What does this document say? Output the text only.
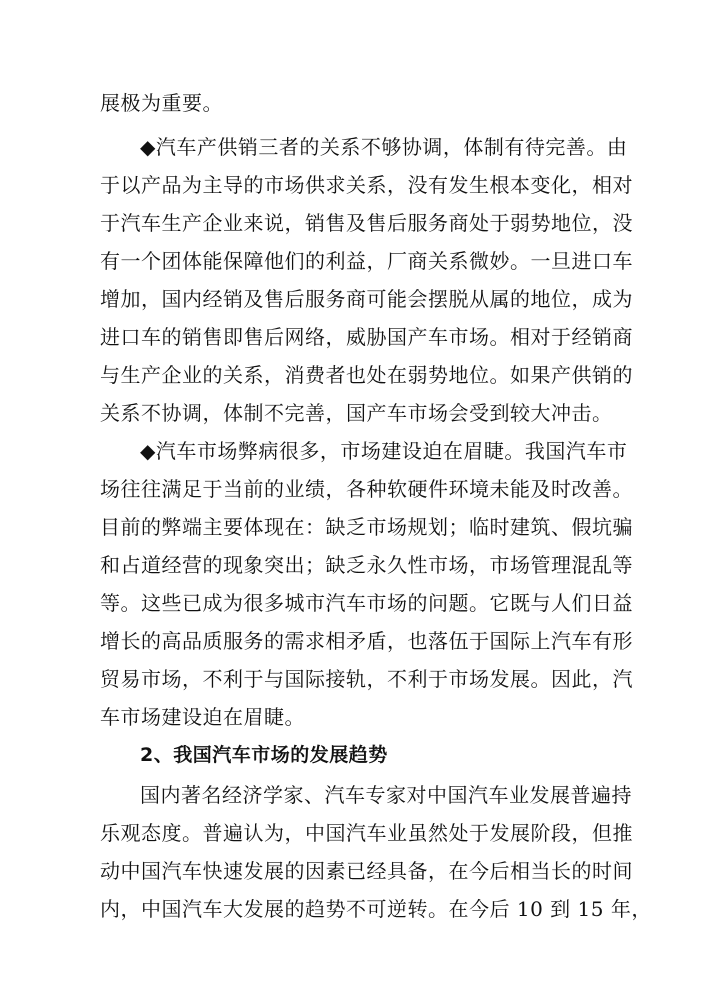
展极为重要。
◆汽车产供销三者的关系不够协调，体制有待完善。由
于以产品为主导的市场供求关系，没有发生根本变化，相对
于汽车生产企业来说，销售及售后服务商处于弱势地位，没
有一个团体能保障他们的利益，厂商关系微妙。一旦进口车
增加，国内经销及售后服务商可能会摆脱从属的地位，成为
进口车的销售即售后网络，威胁国产车市场。相对于经销商
与生产企业的关系，消费者也处在弱势地位。如果产供销的
关系不协调，体制不完善，国产车市场会受到较大冲击。
◆汽车市场弊病很多，市场建设迫在眉睫。我国汽车市
场往往满足于当前的业绩，各种软硬件环境未能及时改善。
目前的弊端主要体现在：缺乏市场规划；临时建筑、假坑骗
和占道经营的现象突出；缺乏永久性市场，市场管理混乱等
等。这些已成为很多城市汽车市场的问题。它既与人们日益
增长的高品质服务的需求相矛盾，也落伍于国际上汽车有形
贸易市场，不利于与国际接轨，不利于市场发展。因此，汽
车市场建设迫在眉睫。
2、我国汽车市场的发展趋势
国内著名经济学家、汽车专家对中国汽车业发展普遍持
乐观态度。普遍认为，中国汽车业虽然处于发展阶段，但推
动中国汽车快速发展的因素已经具备，在今后相当长的时间
内，中国汽车大发展的趋势不可逆转。在今后 10 到 15 年，
